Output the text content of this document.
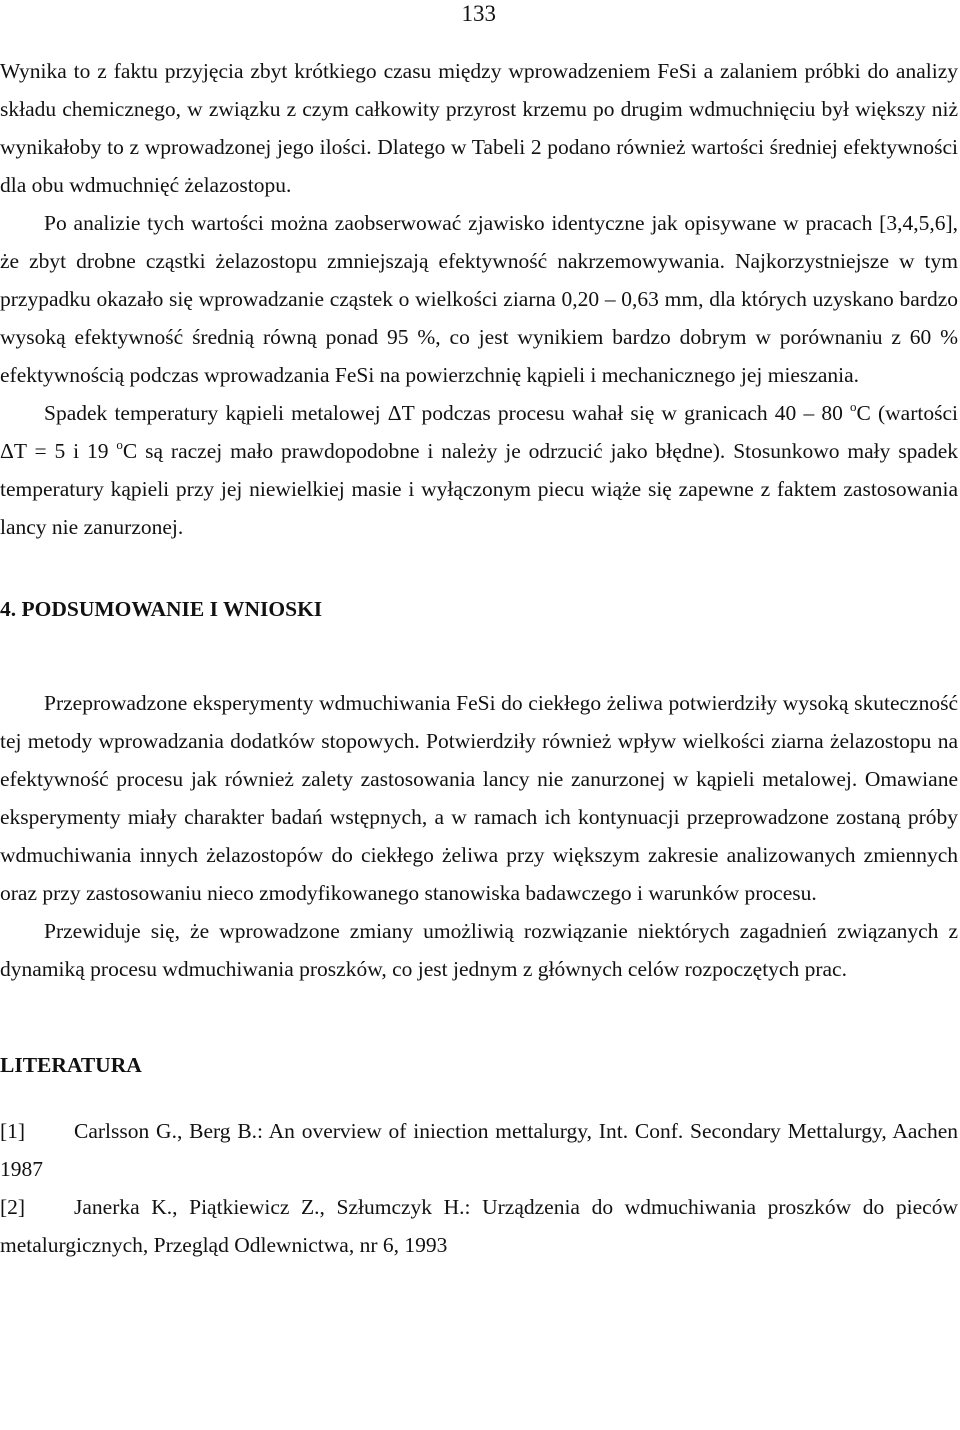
133

Wynika to z faktu przyjęcia zbyt krótkiego czasu między wprowadzeniem FeSi a zalaniem próbki do analizy składu chemicznego, w związku z czym całkowity przyrost krzemu po drugim wdmuchnięciu był większy niż wynikałoby to z wprowadzonej jego ilości. Dlatego w Tabeli 2 podano również wartości średniej efektywności dla obu wdmuchnięć żelazostopu.

Po analizie tych wartości można zaobserwować zjawisko identyczne jak opisywane w pracach [3,4,5,6], że zbyt drobne cząstki żelazostopu zmniejszają efektywność nakrzemowywania. Najkorzystniejsze w tym przypadku okazało się wprowadzanie cząstek o wielkości ziarna 0,20 – 0,63 mm, dla których uzyskano bardzo wysoką efektywność średnią równą ponad 95 %, co jest wynikiem bardzo dobrym w porównaniu z 60 % efektywnością podczas wprowadzania FeSi na powierzchnię kąpieli i mechanicznego jej mieszania.

Spadek temperatury kąpieli metalowej ΔT podczas procesu wahał się w granicach 40 – 80 $^o$C (wartości ΔT = 5 i 19 $^o$C są raczej mało prawdopodobne i należy je odrzucić jako błędne). Stosunkowo mały spadek temperatury kąpieli przy jej niewielkiej masie i wyłączonym piecu wiąże się zapewne z faktem zastosowania lancy nie zanurzonej.

4. PODSUMOWANIE I WNIOSKI

Przeprowadzone eksperymenty wdmuchiwania FeSi do ciekłego żeliwa potwierdziły wysoką skuteczność tej metody wprowadzania dodatków stopowych. Potwierdziły również wpływ wielkości ziarna żelazostopu na efektywność procesu jak również zalety zastosowania lancy nie zanurzonej w kąpieli metalowej. Omawiane eksperymenty miały charakter badań wstępnych, a w ramach ich kontynuacji przeprowadzone zostaną próby wdmuchiwania innych żelazostopów do ciekłego żeliwa przy większym zakresie analizowanych zmiennych oraz przy zastosowaniu nieco zmodyfikowanego stanowiska badawczego i warunków procesu.

Przewiduje się, że wprowadzone zmiany umożliwią rozwiązanie niektórych zagadnień związanych z dynamiką procesu wdmuchiwania proszków, co jest jednym z głównych celów rozpoczętych prac.

LITERATURA

[1] Carlsson G., Berg B.: An overview of iniection mettalurgy, Int. Conf. Secondary Mettalurgy, Aachen 1987

[2] Janerka K., Piątkiewicz Z., Szłumczyk H.: Urządzenia do wdmuchiwania proszków do pieców metalurgicznych, Przegląd Odlewnictwa, nr 6, 1993
